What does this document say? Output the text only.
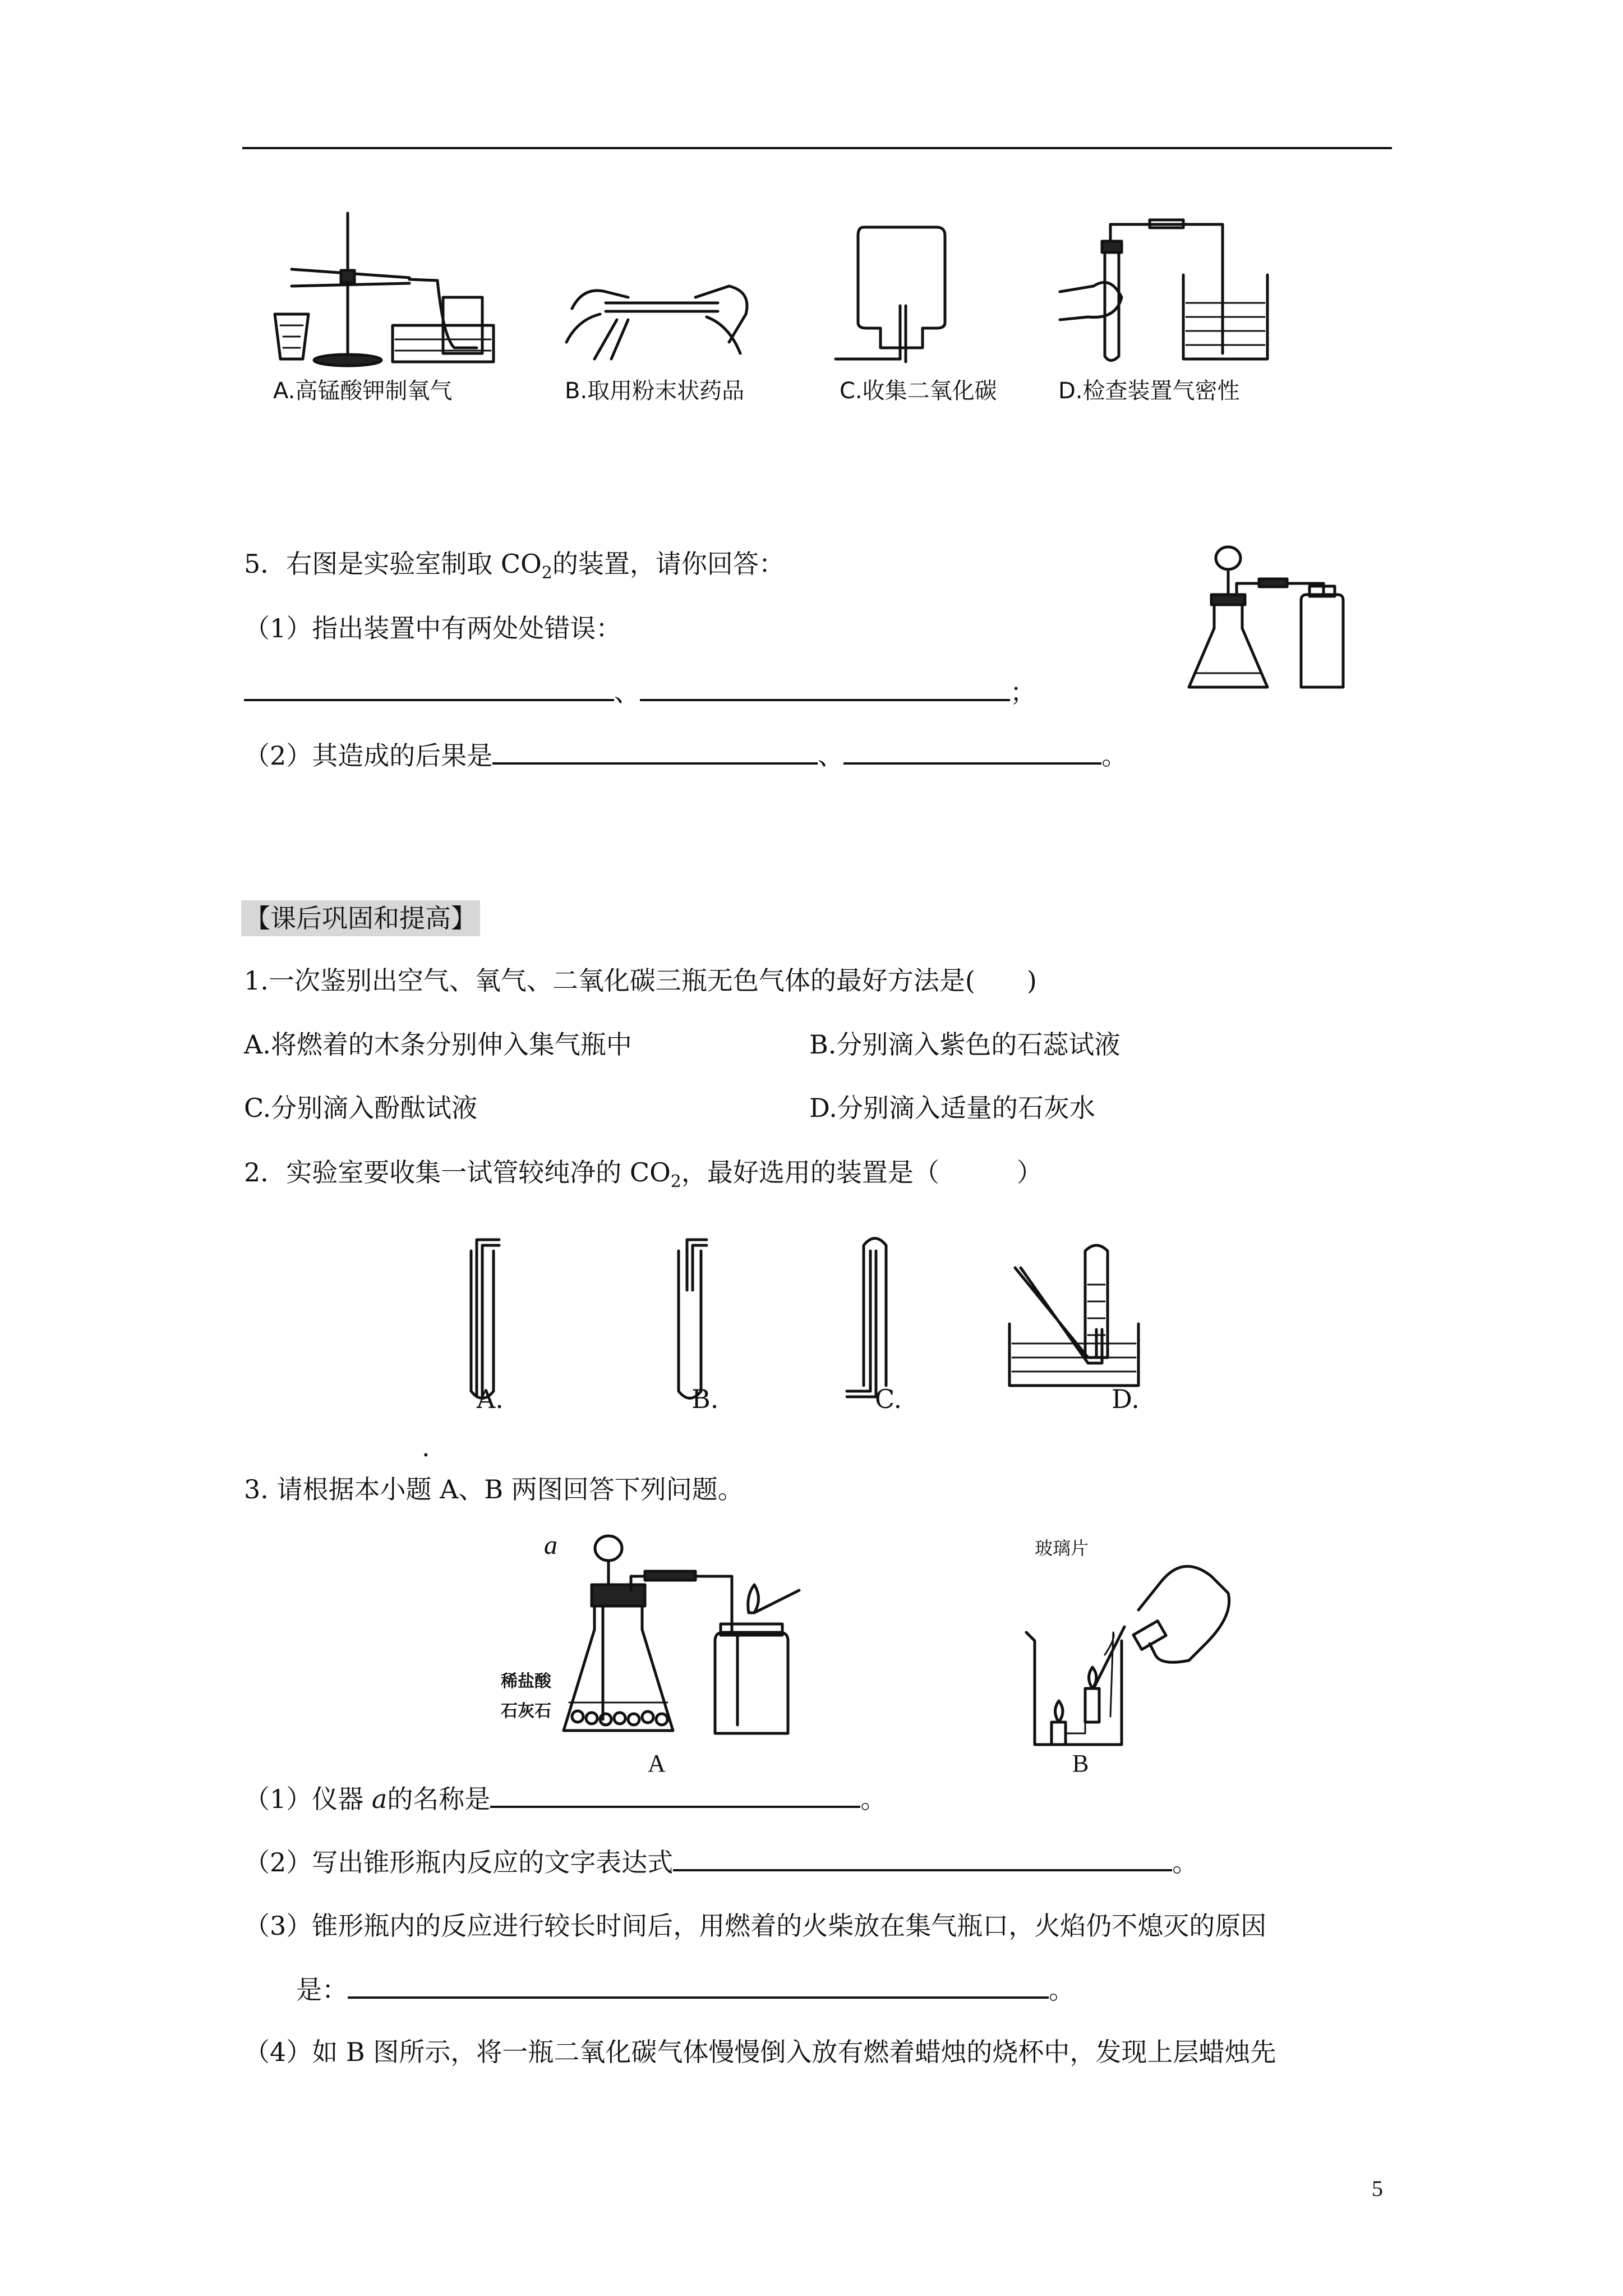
A.高锰酸钾制氧气	B.取用粉末状药品	C.收集二氧化碳	D.检查装置气密性
5．右图是实验室制取 $CO_2$的装置，请你回答：
（1）指出装置中有两处处错误：
、	；
（2）其造成的后果是	、	。
【课后巩固和提高】
1.一次鉴别出空气、氧气、二氧化碳三瓶无色气体的最好方法是(　　)
A.将燃着的木条分别伸入集气瓶中	B.分别滴入紫色的石蕊试液
C.分别滴入酚酞试液	D.分别滴入适量的石灰水
2．实验室要收集一试管较纯净的 $CO_2$，最好选用的装置是（　　　）
A.	B.	C.	D.
.
3. 请根据本小题 A、B 两图回答下列问题。
a
稀盐酸
石灰石
A
玻璃片
B
（1）仪器 a的名称是	。
（2）写出锥形瓶内反应的文字表达式	。
（3）锥形瓶内的反应进行较长时间后，用燃着的火柴放在集气瓶口，火焰仍不熄灭的原因
是：	。
（4）如 B 图所示，将一瓶二氧化碳气体慢慢倒入放有燃着蜡烛的烧杯中，发现上层蜡烛先
5
